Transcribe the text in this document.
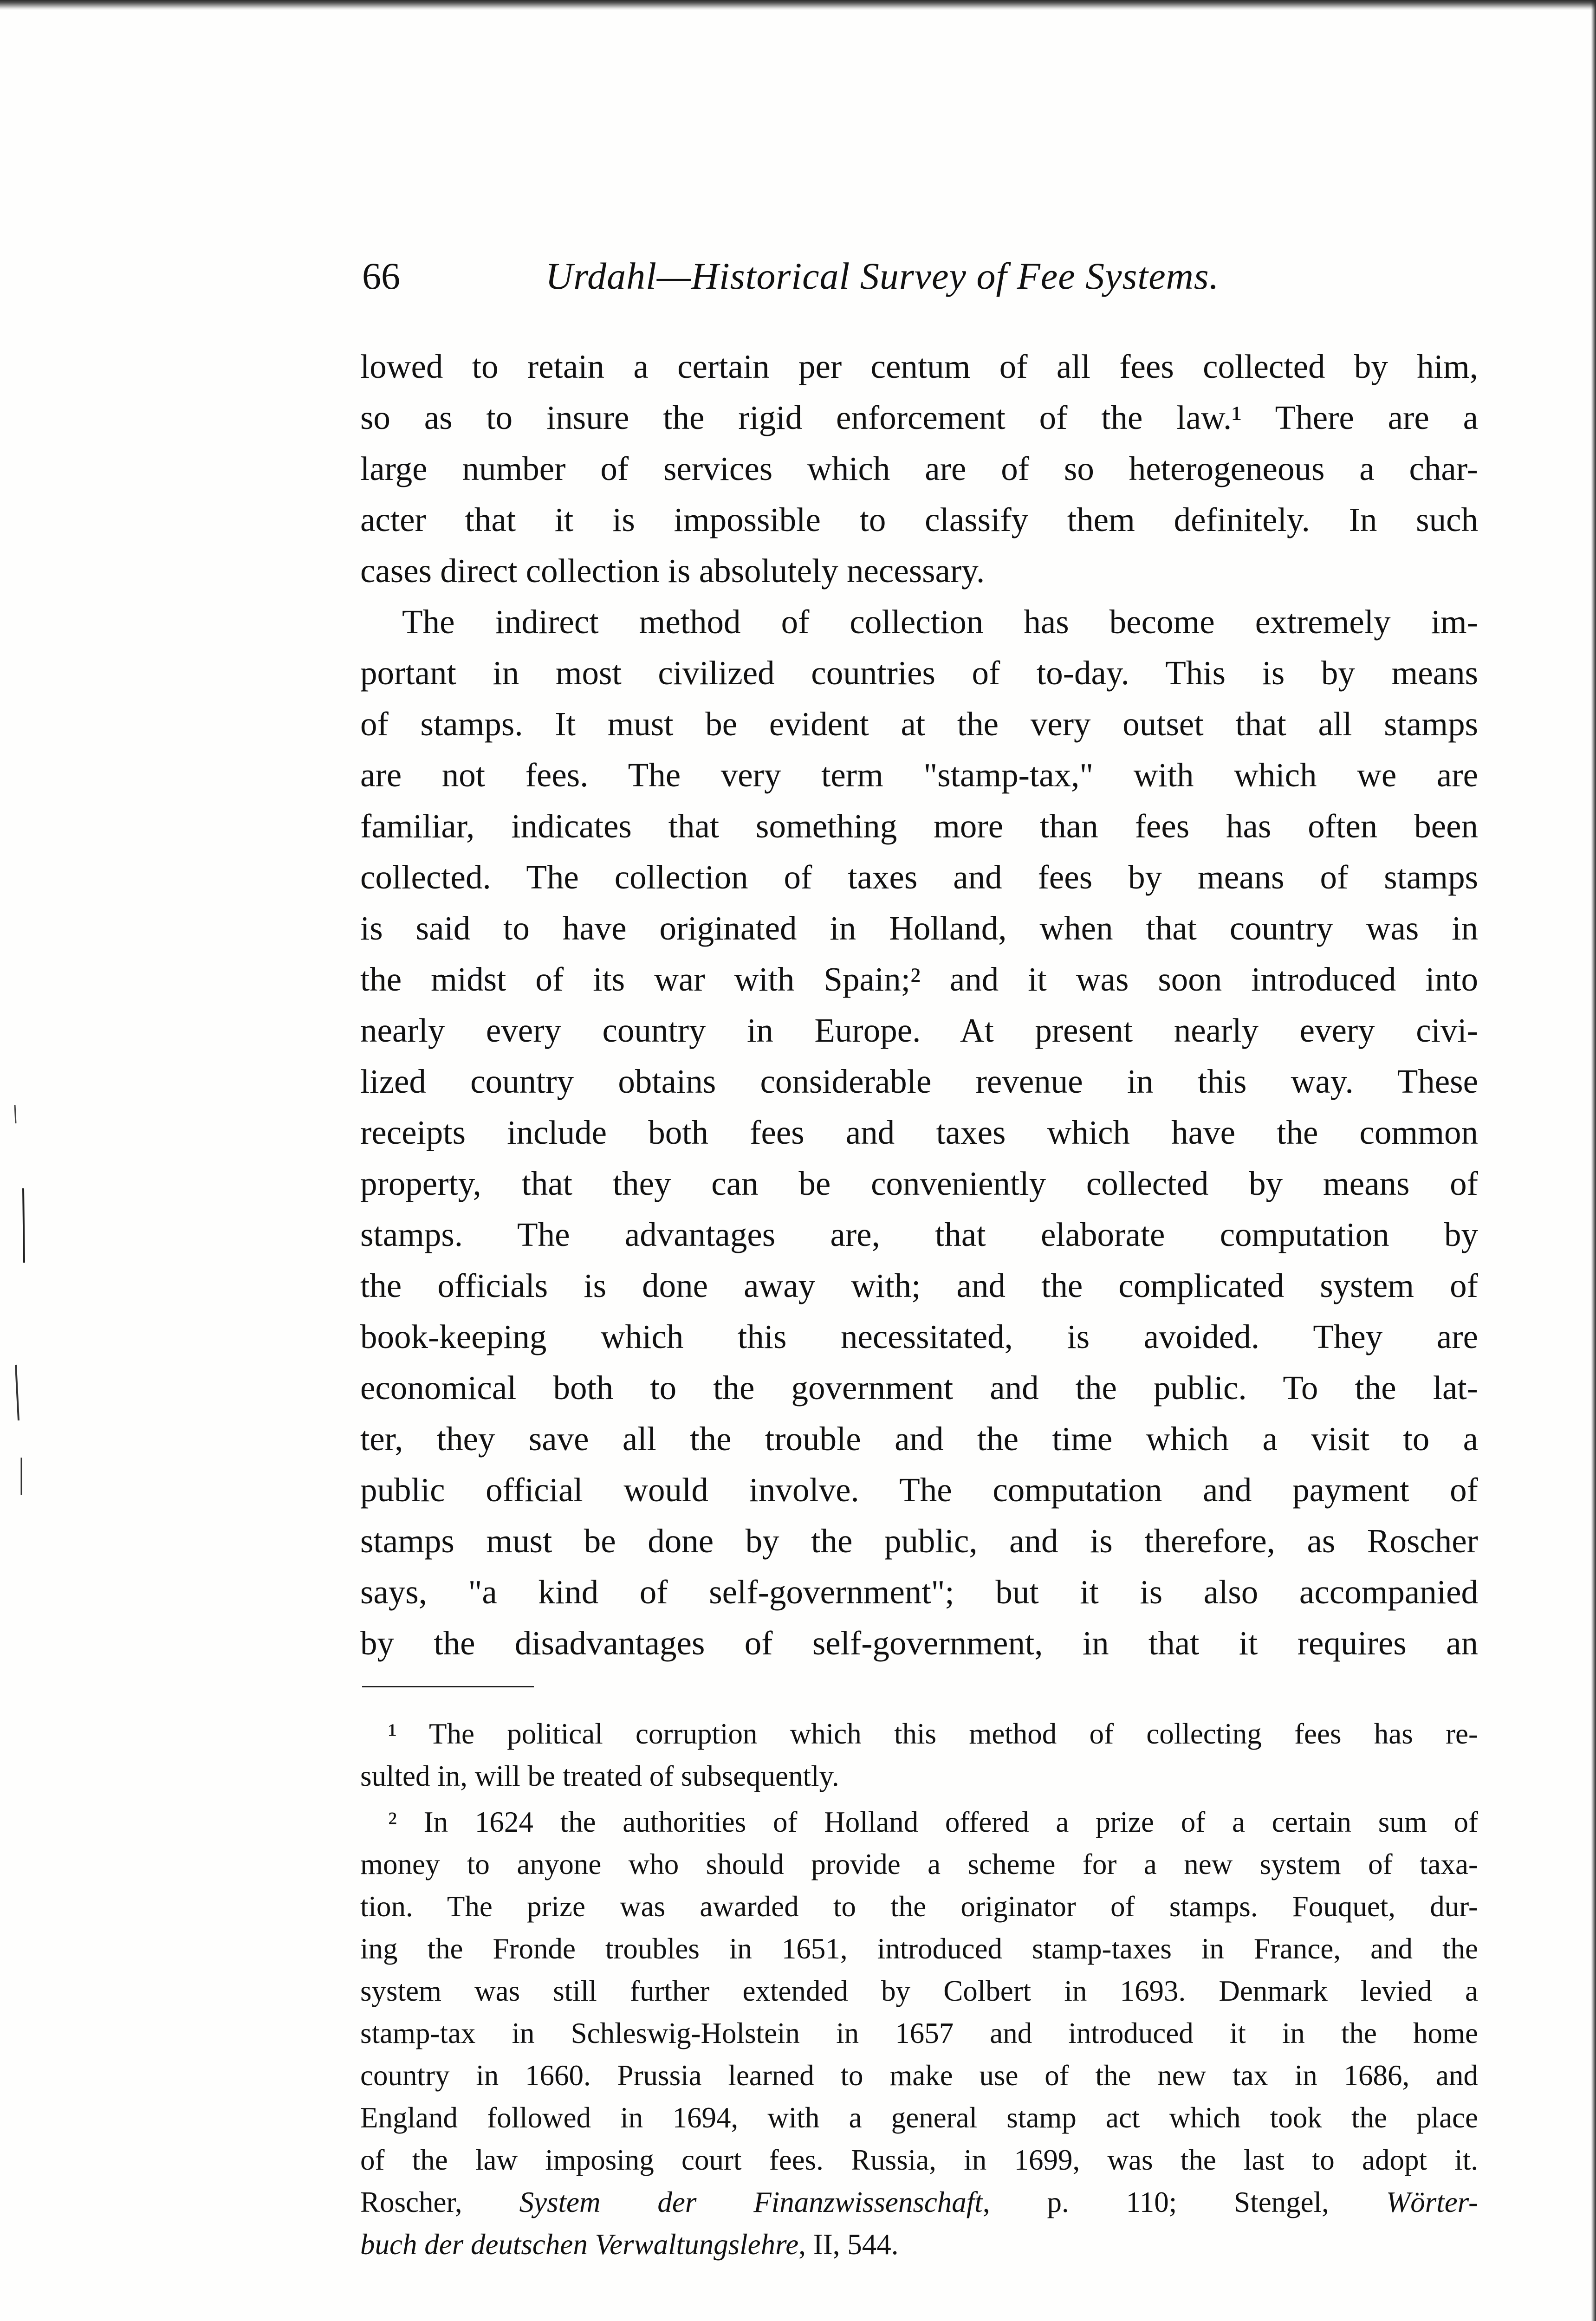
66	Urdahl—Historical Survey of Fee Systems.
lowed to retain a certain per centum of all fees collected by him,
so as to insure the rigid enforcement of the law.¹ There are a
large number of services which are of so heterogeneous a char-
acter that it is impossible to classify them definitely. In such
cases direct collection is absolutely necessary.
The indirect method of collection has become extremely im-
portant in most civilized countries of to-day. This is by means
of stamps. It must be evident at the very outset that all stamps
are not fees. The very term "stamp-tax," with which we are
familiar, indicates that something more than fees has often been
collected. The collection of taxes and fees by means of stamps
is said to have originated in Holland, when that country was in
the midst of its war with Spain;² and it was soon introduced into
nearly every country in Europe. At present nearly every civi-
lized country obtains considerable revenue in this way. These
receipts include both fees and taxes which have the common
property, that they can be conveniently collected by means of
stamps. The advantages are, that elaborate computation by
the officials is done away with; and the complicated system of
book-keeping which this necessitated, is avoided. They are
economical both to the government and the public. To the lat-
ter, they save all the trouble and the time which a visit to a
public official would involve. The computation and payment of
stamps must be done by the public, and is therefore, as Roscher
says, "a kind of self-government"; but it is also accompanied
by the disadvantages of self-government, in that it requires an
¹ The political corruption which this method of collecting fees has re-
sulted in, will be treated of subsequently.
² In 1624 the authorities of Holland offered a prize of a certain sum of
money to anyone who should provide a scheme for a new system of taxa-
tion. The prize was awarded to the originator of stamps. Fouquet, dur-
ing the Fronde troubles in 1651, introduced stamp-taxes in France, and the
system was still further extended by Colbert in 1693. Denmark levied a
stamp-tax in Schleswig-Holstein in 1657 and introduced it in the home
country in 1660. Prussia learned to make use of the new tax in 1686, and
England followed in 1694, with a general stamp act which took the place
of the law imposing court fees. Russia, in 1699, was the last to adopt it.
Roscher, System der Finanzwissenschaft, p. 110; Stengel, Wörter-
buch der deutschen Verwaltungslehre, II, 544.
